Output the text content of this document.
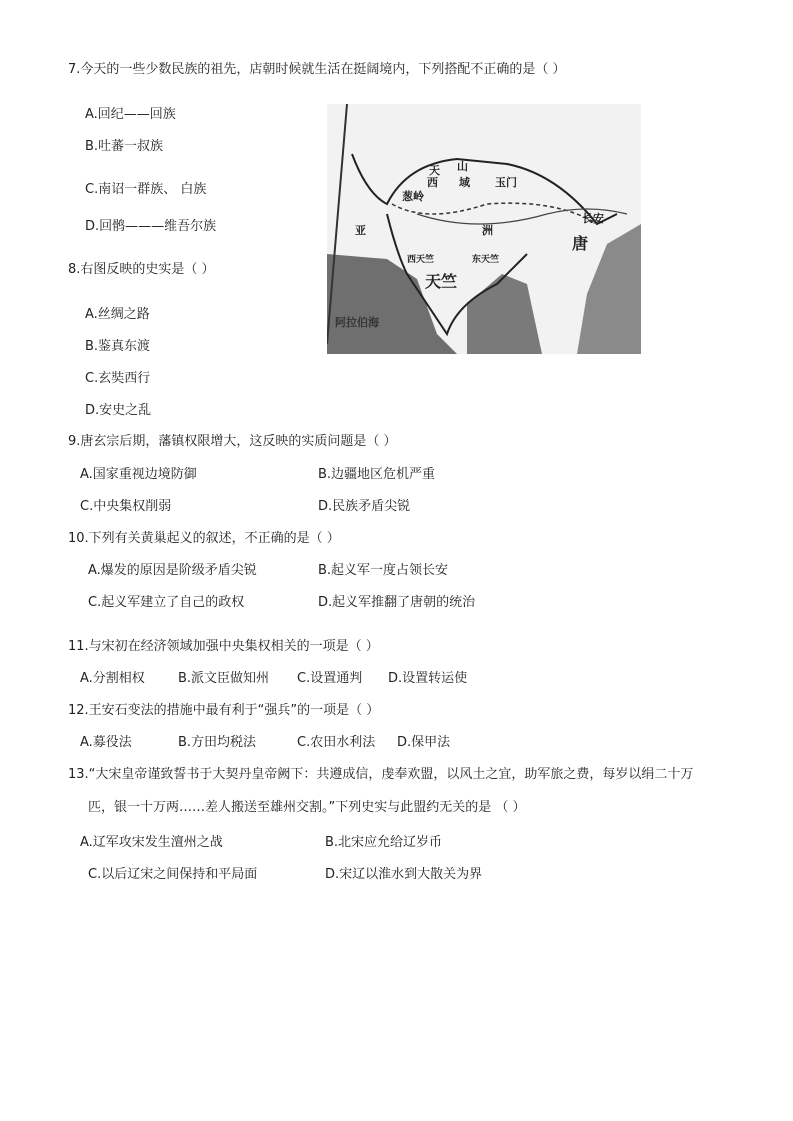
7.今天的一些少数民族的祖先，店朝时候就生活在挺阔境内，下列搭配不正确的是（ ）
A.回纪——回族
B.吐蕃一叔族
C.南诏一群族、 白族
D.回鹘———维吾尔族
天 山
西 域 玉门
葱岭
长安
亚	洲
唐
西天竺	东天竺
天竺
阿拉伯海
8.右图反映的史实是（ ）
A.丝绸之路
B.鉴真东渡
C.玄奘西行
D.安史之乱
9.唐玄宗后期，藩镇权限增大，这反映的实质问题是（ ）
A.国家重视边境防御	B.边疆地区危机严重
C.中央集权削弱	D.民族矛盾尖锐
10.下列有关黄巢起义的叙述，不正确的是（ ）
A.爆发的原因是阶级矛盾尖锐	B.起义军一度占领长安
C.起义军建立了自己的政权	D.起义军推翻了唐朝的统治
11.与宋初在经济领域加强中央集权相关的一项是（ ）
A.分割相权	B.派文臣做知州 C.设置通判 D.设置转运使
12.王安石变法的措施中最有利于“强兵”的一项是（ ）
A.募役法	B.方田均税法	C.农田水利法 D.保甲法
13.“大宋皇帝谨致誓书于大契丹皇帝阙下：共遵成信，虔奉欢盟，以风土之宜，助军旅之费，每岁以绢二十万
匹，银一十万两……差人搬送至雄州交割。”下列史实与此盟约无关的是 （ ）
A.辽军攻宋发生澶州之战	B.北宋应允给辽岁币
C.以后辽宋之间保持和平局面	D.宋辽以淮水到大散关为界
